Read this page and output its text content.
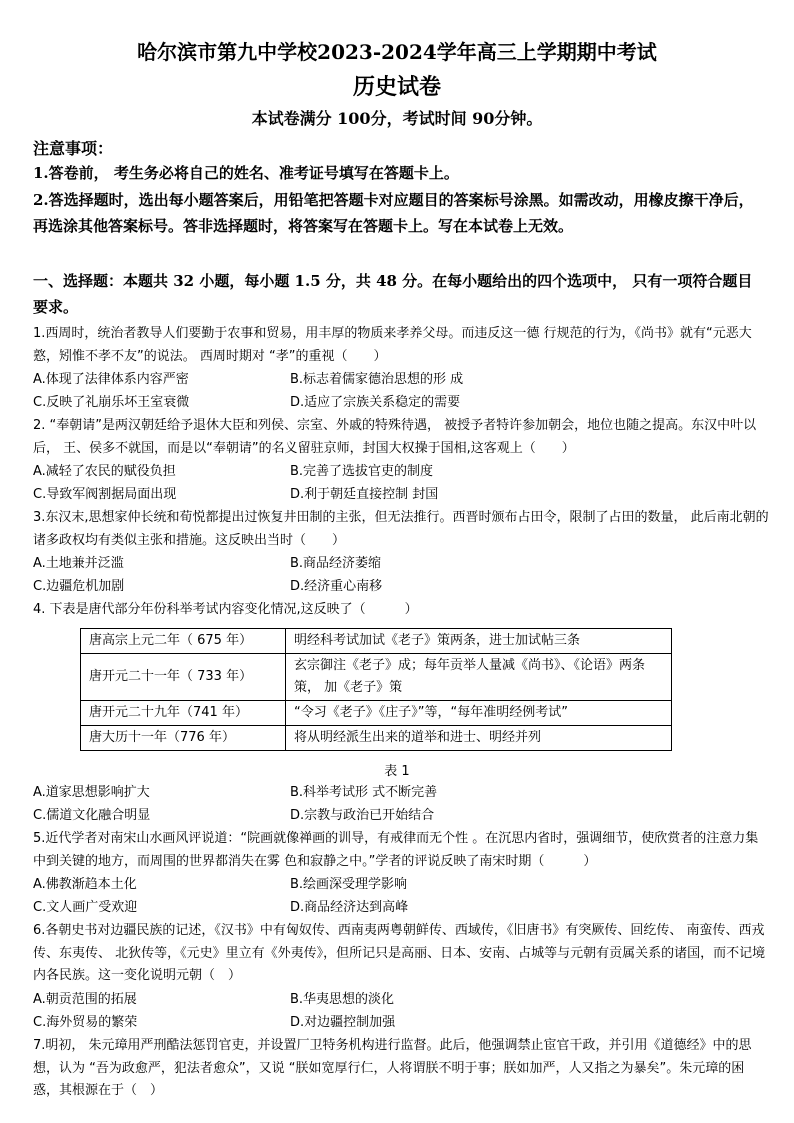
哈尔滨市第九中学校2023-2024学年高三上学期期中考试
历史试卷
本试卷满分 100分，考试时间 90分钟。
注意事项：
1.答卷前， 考生务必将自己的姓名、准考证号填写在答题卡上。
2.答选择题时，选出每小题答案后，用铅笔把答题卡对应题目的答案标号涂黑。如需改动，用橡皮擦干净后，再选涂其他答案标号。答非选择题时，将答案写在答题卡上。写在本试卷上无效。
一、选择题：本题共 32 小题，每小题 1.5 分，共 48 分。在每小题给出的四个选项中， 只有一项符合题目要求。
1.西周时，统治者教导人们要勤于农事和贸易，用丰厚的物质来孝养父母。而违反这一德 行规范的行为，《尚书》就有“元恶大憝，矧惟不孝不友”的说法。 西周时期对 “孝”的重视（　　）
A.体现了法律体系内容严密	B.标志着儒家德治思想的形 成
C.反映了礼崩乐坏王室衰微	D.适应了宗族关系稳定的需要
2. “奉朝请”是两汉朝廷给予退休大臣和列侯、宗室、外戚的特殊待遇， 被授予者特许参加朝会，地位也随之提高。东汉中叶以后， 王、侯多不就国，而是以“奉朝请”的名义留驻京师，封国大权操于国相,这客观上（　　）
A.减轻了农民的赋役负担	B.完善了选拔官吏的制度
C.导致军阀割据局面出现	D.利于朝廷直接控制 封国
3.东汉末,思想家仲长统和荀悦都提出过恢复井田制的主张，但无法推行。西晋时颁布占田令，限制了占田的数量， 此后南北朝的诸多政权均有类似主张和措施。这反映出当时（　　）
A.土地兼并泛滥	B.商品经济萎缩
C.边疆危机加剧	D.经济重心南移
4. 下表是唐代部分年份科举考试内容变化情况,这反映了（　　　）
唐高宗上元二年（ 675 年）	明经科考试加试《老子》策两条，进士加试帖三条
唐开元二十一年（ 733 年）	玄宗御注《老子》成；每年贡举人量减《尚书》、《论语》两条策， 加《老子》策
唐开元二十九年（741 年）	“令习《老子》《庄子》”等，“每年准明经例考试”
唐大历十一年（776 年）	将从明经派生出来的道举和进士、明经并列
表 1
A.道家思想影响扩大	B.科举考试形 式不断完善
C.儒道文化融合明显	D.宗教与政治已开始结合
5.近代学者对南宋山水画风评说道：“院画就像禅画的训导，有戒律而无个性 。在沉思内省时，强调细节，使欣赏者的注意力集中到关键的地方，而周围的世界都消失在雾 色和寂静之中。”学者的评说反映了南宋时期（　　　）
A.佛教渐趋本土化	B.绘画深受理学影响
C.文人画广受欢迎	D.商品经济达到高峰
6.各朝史书对边疆民族的记述，《汉书》中有匈奴传、西南夷两粤朝鲜传、西域传，《旧唐书》有突厥传、回纥传、 南蛮传、西戎传、东夷传、 北狄传等，《元史》里立有《外夷传》，但所记只是高丽、日本、安南、占城等与元朝有贡属关系的诸国，而不记境内各民族。这一变化说明元朝（　）
A.朝贡范围的拓展	B.华夷思想的淡化
C.海外贸易的繁荣	D.对边疆控制加强
7.明初， 朱元璋用严刑酷法惩罚官吏，并设置厂卫特务机构进行监督。此后，他强调禁止宦官干政，并引用《道德经》中的思想，认为 “吾为政愈严，犯法者愈众”，又说 “朕如宽厚行仁，人将谓朕不明于事；朕如加严，人又指之为暴矣”。朱元璋的困惑，其根源在于（　）
